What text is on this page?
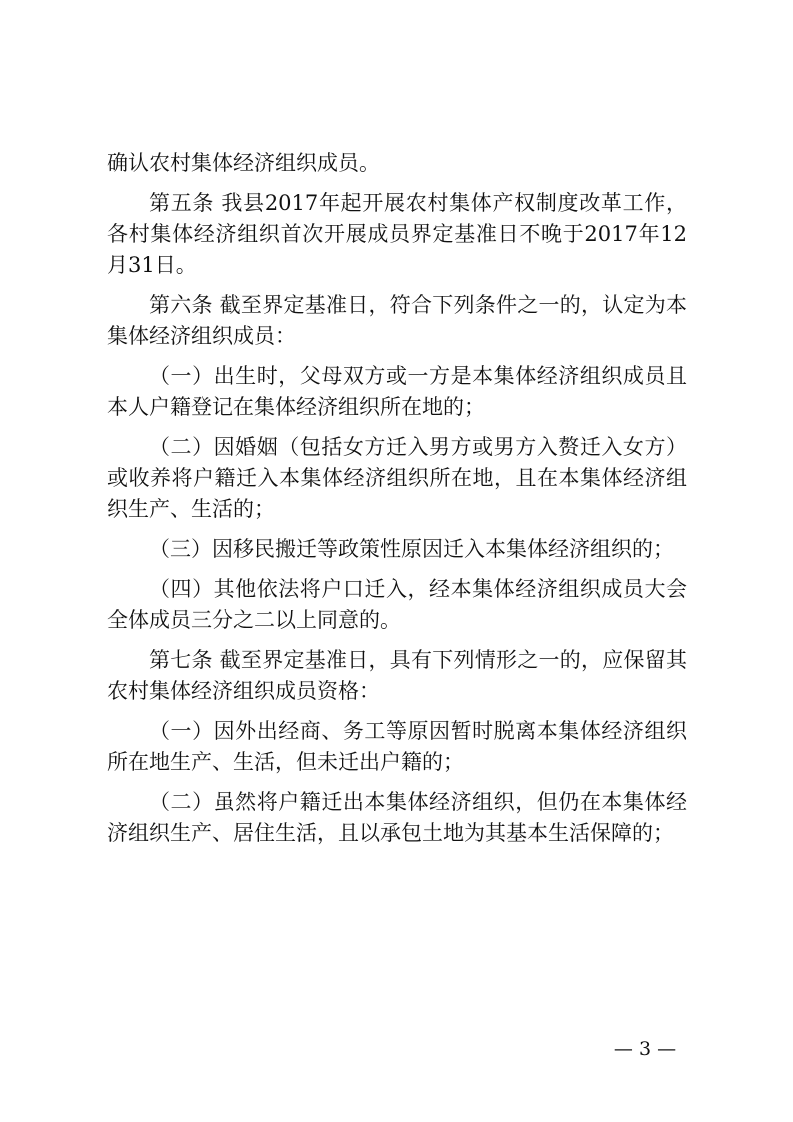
确认农村集体经济组织成员。

第五条 我县2017年起开展农村集体产权制度改革工作，各村集体经济组织首次开展成员界定基准日不晚于2017年12月31日。

第六条 截至界定基准日，符合下列条件之一的，认定为本集体经济组织成员：

（一）出生时，父母双方或一方是本集体经济组织成员且本人户籍登记在集体经济组织所在地的；

（二）因婚姻（包括女方迁入男方或男方入赘迁入女方）或收养将户籍迁入本集体经济组织所在地，且在本集体经济组织生产、生活的；

（三）因移民搬迁等政策性原因迁入本集体经济组织的；

（四）其他依法将户口迁入，经本集体经济组织成员大会全体成员三分之二以上同意的。

第七条 截至界定基准日，具有下列情形之一的，应保留其农村集体经济组织成员资格：

（一）因外出经商、务工等原因暂时脱离本集体经济组织所在地生产、生活，但未迁出户籍的；

（二）虽然将户籍迁出本集体经济组织，但仍在本集体经济组织生产、居住生活，且以承包土地为其基本生活保障的；

— 3 —
